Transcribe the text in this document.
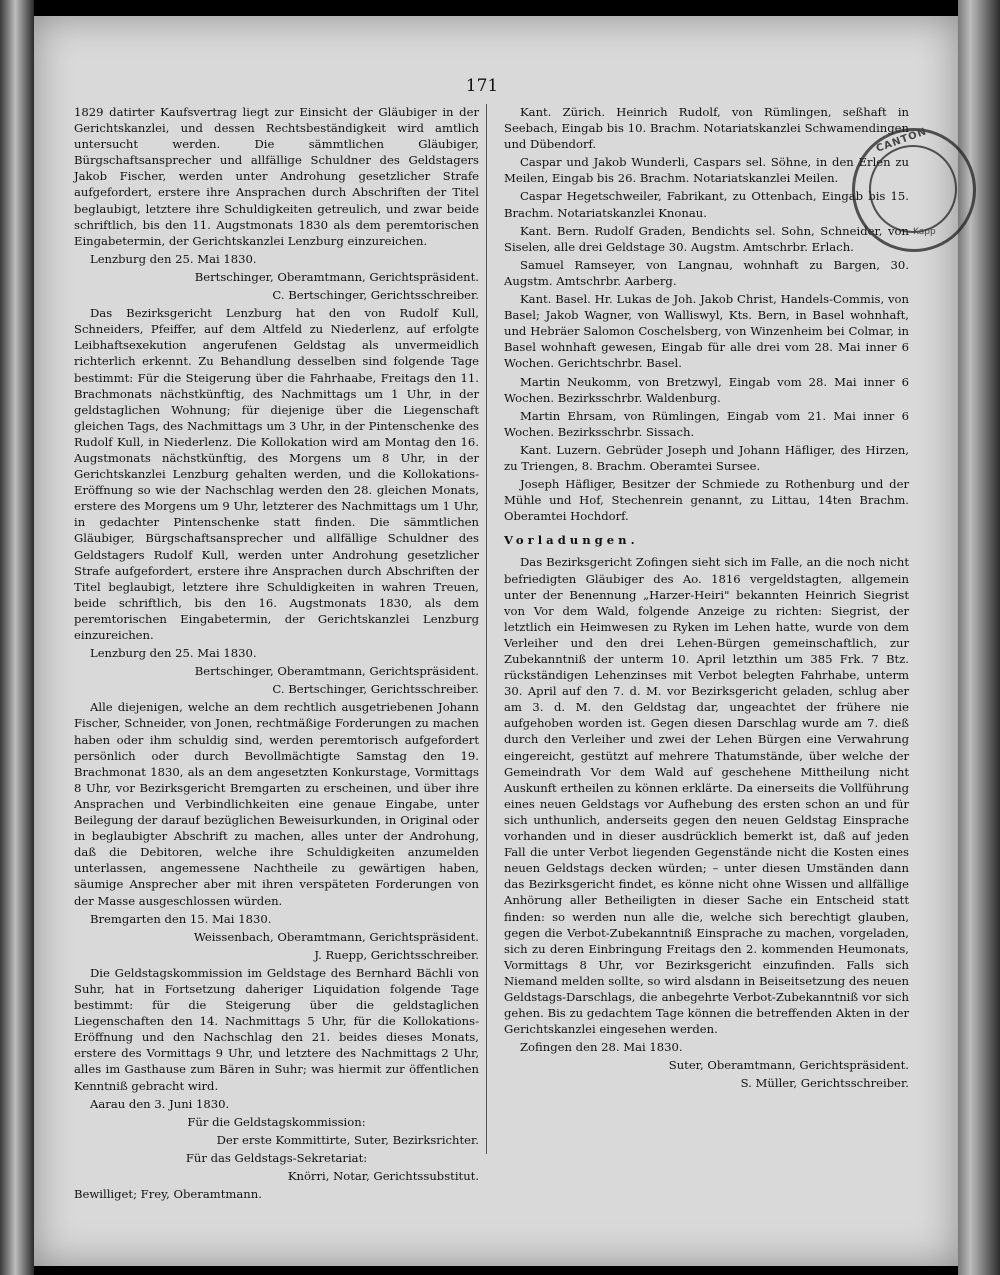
171

1829 datirter Kaufsvertrag liegt zur Einsicht der Gläubiger in der Gerichtskanzlei, und dessen Rechtsbeständigkeit wird amtlich untersucht werden. Die sämmtlichen Gläubiger, Bürgschaftsansprecher und allfällige Schuldner des Geldstagers Jakob Fischer, werden unter Androhung gesetzlicher Strafe aufgefordert, erstere ihre Ansprachen durch Abschriften der Titel beglaubigt, letztere ihre Schuldigkeiten getreulich, und zwar beide schriftlich, bis den 11. Augstmonats 1830 als dem peremtorischen Eingabetermin, der Gerichtskanzlei Lenzburg einzureichen.

Lenzburg den 25. Mai 1830.

Bertschinger, Oberamtmann, Gerichtspräsident.

C. Bertschinger, Gerichtsschreiber.

Das Bezirksgericht Lenzburg hat den von Rudolf Kull, Schneiders, Pfeiffer, auf dem Altfeld zu Niederlenz, auf erfolgte Leibhaftsexekution angerufenen Geldstag als unvermeidlich richterlich erkennt. Zu Behandlung desselben sind folgende Tage bestimmt: Für die Steigerung über die Fahrhaabe, Freitags den 11. Brachmonats nächstkünftig, des Nachmittags um 1 Uhr, in der geldstaglichen Wohnung; für diejenige über die Liegenschaft gleichen Tags, des Nachmittags um 3 Uhr, in der Pintenschenke des Rudolf Kull, in Niederlenz. Die Kollokation wird am Montag den 16. Augstmonats nächstkünftig, des Morgens um 8 Uhr, in der Gerichtskanzlei Lenzburg gehalten werden, und die Kollokations-Eröffnung so wie der Nachschlag werden den 28. gleichen Monats, erstere des Morgens um 9 Uhr, letzterer des Nachmittags um 1 Uhr, in gedachter Pintenschenke statt finden. Die sämmtlichen Gläubiger, Bürgschaftsansprecher und allfällige Schuldner des Geldstagers Rudolf Kull, werden unter Androhung gesetzlicher Strafe aufgefordert, erstere ihre Ansprachen durch Abschriften der Titel beglaubigt, letztere ihre Schuldigkeiten in wahren Treuen, beide schriftlich, bis den 16. Augstmonats 1830, als dem peremtorischen Eingabetermin, der Gerichtskanzlei Lenzburg einzureichen.

Lenzburg den 25. Mai 1830.

Bertschinger, Oberamtmann, Gerichtspräsident.

C. Bertschinger, Gerichtsschreiber.

Alle diejenigen, welche an dem rechtlich ausgetriebenen Johann Fischer, Schneider, von Jonen, rechtmäßige Forderungen zu machen haben oder ihm schuldig sind, werden peremtorisch aufgefordert persönlich oder durch Bevollmächtigte Samstag den 19. Brachmonat 1830, als an dem angesetzten Konkurstage, Vormittags 8 Uhr, vor Bezirksgericht Bremgarten zu erscheinen, und über ihre Ansprachen und Verbindlichkeiten eine genaue Eingabe, unter Beilegung der darauf bezüglichen Beweisurkunden, in Original oder in beglaubigter Abschrift zu machen, alles unter der Androhung, daß die Debitoren, welche ihre Schuldigkeiten anzumelden unterlassen, angemessene Nachtheile zu gewärtigen haben, säumige Ansprecher aber mit ihren verspäteten Forderungen von der Masse ausgeschlossen würden.

Bremgarten den 15. Mai 1830.

Weissenbach, Oberamtmann, Gerichtspräsident.

J. Ruepp, Gerichtsschreiber.

Die Geldstagskommission im Geldstage des Bernhard Bächli von Suhr, hat in Fortsetzung daheriger Liquidation folgende Tage bestimmt: für die Steigerung über die geldstaglichen Liegenschaften den 14. Nachmittags 5 Uhr, für die Kollokations-Eröffnung und den Nachschlag den 21. beides dieses Monats, erstere des Vormittags 9 Uhr, und letztere des Nachmittags 2 Uhr, alles im Gasthause zum Bären in Suhr; was hiermit zur öffentlichen Kenntniß gebracht wird.

Aarau den 3. Juni 1830.

Für die Geldstagskommission:

Der erste Kommittirte, Suter, Bezirksrichter.

Für das Geldstags-Sekretariat:

Knörri, Notar, Gerichtssubstitut.

Bewilliget; Frey, Oberamtmann.

Kant. Zürich. Heinrich Rudolf, von Rümlingen, seßhaft in Seebach, Eingab bis 10. Brachm. Notariatskanzlei Schwamendingen und Dübendorf.

Caspar und Jakob Wunderli, Caspars sel. Söhne, in den Erlen zu Meilen, Eingab bis 26. Brachm. Notariatskanzlei Meilen.

Caspar Hegetschweiler, Fabrikant, zu Ottenbach, Eingab bis 15. Brachm. Notariatskanzlei Knonau.

Kant. Bern. Rudolf Graden, Bendichts sel. Sohn, Schneider, von Siselen, alle drei Geldstage 30. Augstm. Amtschrbr. Erlach.

Samuel Ramseyer, von Langnau, wohnhaft zu Bargen, 30. Augstm. Amtschrbr. Aarberg.

Kant. Basel. Hr. Lukas de Joh. Jakob Christ, Handels-Commis, von Basel; Jakob Wagner, von Walliswyl, Kts. Bern, in Basel wohnhaft, und Hebräer Salomon Coschelsberg, von Winzenheim bei Colmar, in Basel wohnhaft gewesen, Eingab für alle drei vom 28. Mai inner 6 Wochen. Gerichtschrbr. Basel.

Martin Neukomm, von Bretzwyl, Eingab vom 28. Mai inner 6 Wochen. Bezirksschrbr. Waldenburg.

Martin Ehrsam, von Rümlingen, Eingab vom 21. Mai inner 6 Wochen. Bezirksschrbr. Sissach.

Kant. Luzern. Gebrüder Joseph und Johann Häfliger, des Hirzen, zu Triengen, 8. Brachm. Oberamtei Sursee.

Joseph Häfliger, Besitzer der Schmiede zu Rothenburg und der Mühle und Hof, Stechenrein genannt, zu Littau, 14ten Brachm. Oberamtei Hochdorf.

Vorladungen.

Das Bezirksgericht Zofingen sieht sich im Falle, an die noch nicht befriedigten Gläubiger des Ao. 1816 vergeldstagten, allgemein unter der Benennung „Harzer-Heiri" bekannten Heinrich Siegrist von Vor dem Wald, folgende Anzeige zu richten: Siegrist, der letztlich ein Heimwesen zu Ryken im Lehen hatte, wurde von dem Verleiher und den drei Lehen-Bürgen gemeinschaftlich, zur Zubekanntniß der unterm 10. April letzthin um 385 Frk. 7 Btz. rückständigen Lehenzinses mit Verbot belegten Fahrhabe, unterm 30. April auf den 7. d. M. vor Bezirksgericht geladen, schlug aber am 3. d. M. den Geldstag dar, ungeachtet der frühere nie aufgehoben worden ist. Gegen diesen Darschlag wurde am 7. dieß durch den Verleiher und zwei der Lehen Bürgen eine Verwahrung eingereicht, gestützt auf mehrere Thatumstände, über welche der Gemeindrath Vor dem Wald auf geschehene Mittheilung nicht Auskunft ertheilen zu können erklärte. Da einerseits die Vollführung eines neuen Geldstags vor Aufhebung des ersten schon an und für sich unthunlich, anderseits gegen den neuen Geldstag Einsprache vorhanden und in dieser ausdrücklich bemerkt ist, daß auf jeden Fall die unter Verbot liegenden Gegenstände nicht die Kosten eines neuen Geldstags decken würden; – unter diesen Umständen dann das Bezirksgericht findet, es könne nicht ohne Wissen und allfällige Anhörung aller Betheiligten in dieser Sache ein Entscheid statt finden: so werden nun alle die, welche sich berechtigt glauben, gegen die Verbot-Zubekanntniß Einsprache zu machen, vorgeladen, sich zu deren Einbringung Freitags den 2. kommenden Heumonats, Vormittags 8 Uhr, vor Bezirksgericht einzufinden. Falls sich Niemand melden sollte, so wird alsdann in Beiseitsetzung des neuen Geldstags-Darschlags, die anbegehrte Verbot-Zubekanntniß vor sich gehen. Bis zu gedachtem Tage können die betreffenden Akten in der Gerichtskanzlei eingesehen werden.

Zofingen den 28. Mai 1830.

Suter, Oberamtmann, Gerichtspräsident.

S. Müller, Gerichtsschreiber.

CANTON
Kapp
